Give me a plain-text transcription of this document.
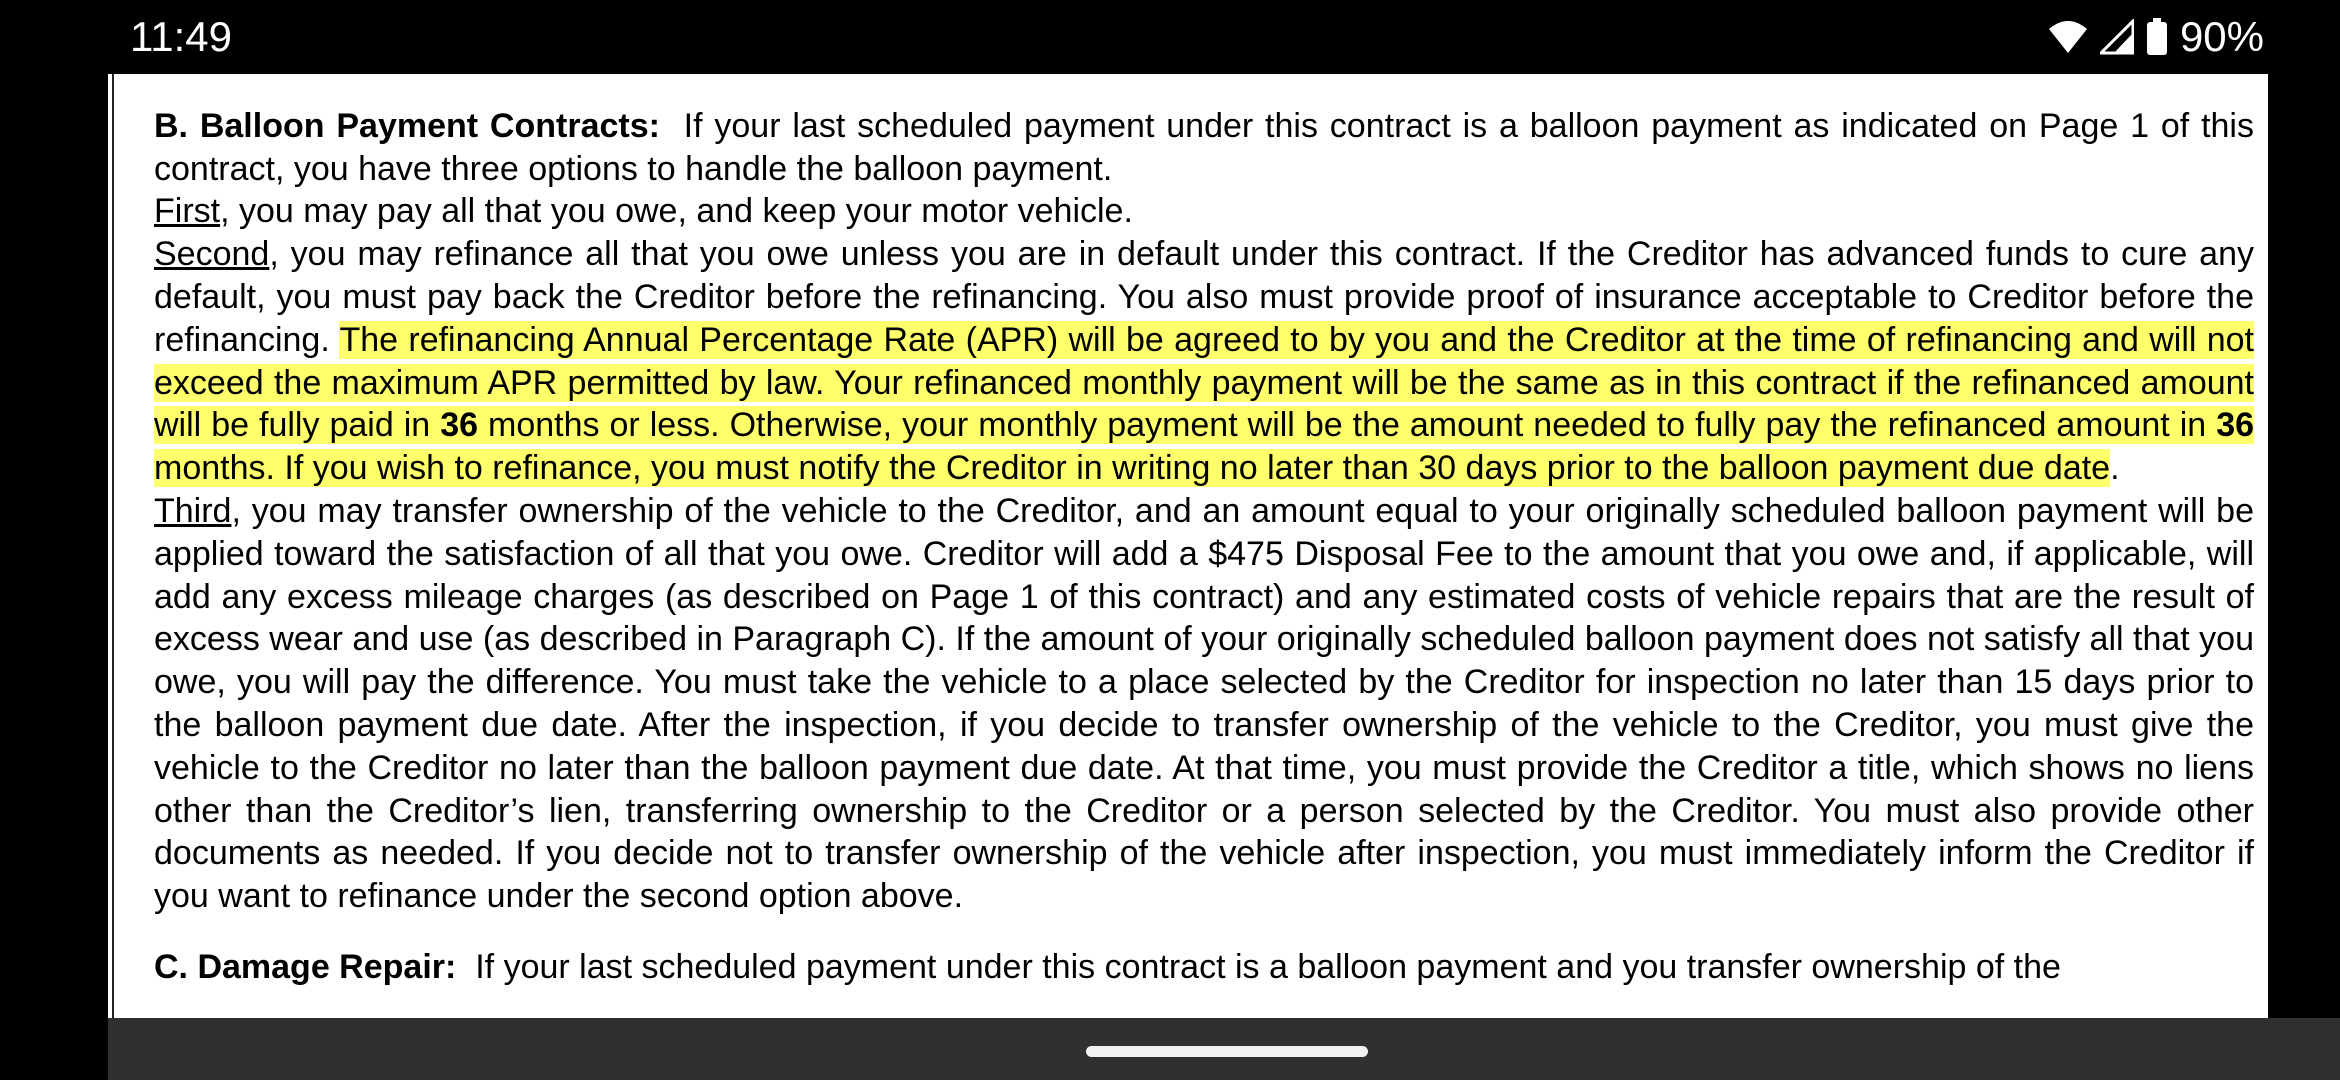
11:49	90%

B. Balloon Payment Contracts: If your last scheduled payment under this contract is a balloon payment as indicated on Page 1 of this contract, you have three options to handle the balloon payment.

First, you may pay all that you owe, and keep your motor vehicle.

Second, you may refinance all that you owe unless you are in default under this contract. If the Creditor has advanced funds to cure any default, you must pay back the Creditor before the refinancing. You also must provide proof of insurance acceptable to Creditor before the refinancing. The refinancing Annual Percentage Rate (APR) will be agreed to by you and the Creditor at the time of refinancing and will not exceed the maximum APR permitted by law. Your refinanced monthly payment will be the same as in this contract if the refinanced amount will be fully paid in 36 months or less. Otherwise, your monthly payment will be the amount needed to fully pay the refinanced amount in 36 months. If you wish to refinance, you must notify the Creditor in writing no later than 30 days prior to the balloon payment due date.

Third, you may transfer ownership of the vehicle to the Creditor, and an amount equal to your originally scheduled balloon payment will be applied toward the satisfaction of all that you owe. Creditor will add a $475 Disposal Fee to the amount that you owe and, if applicable, will add any excess mileage charges (as described on Page 1 of this contract) and any estimated costs of vehicle repairs that are the result of excess wear and use (as described in Paragraph C). If the amount of your originally scheduled balloon payment does not satisfy all that you owe, you will pay the difference. You must take the vehicle to a place selected by the Creditor for inspection no later than 15 days prior to the balloon payment due date. After the inspection, if you decide to transfer ownership of the vehicle to the Creditor, you must give the vehicle to the Creditor no later than the balloon payment due date. At that time, you must provide the Creditor a title, which shows no liens other than the Creditor’s lien, transferring ownership to the Creditor or a person selected by the Creditor. You must also provide other documents as needed. If you decide not to transfer ownership of the vehicle after inspection, you must immediately inform the Creditor if you want to refinance under the second option above.

C. Damage Repair: If your last scheduled payment under this contract is a balloon payment and you transfer ownership of the
